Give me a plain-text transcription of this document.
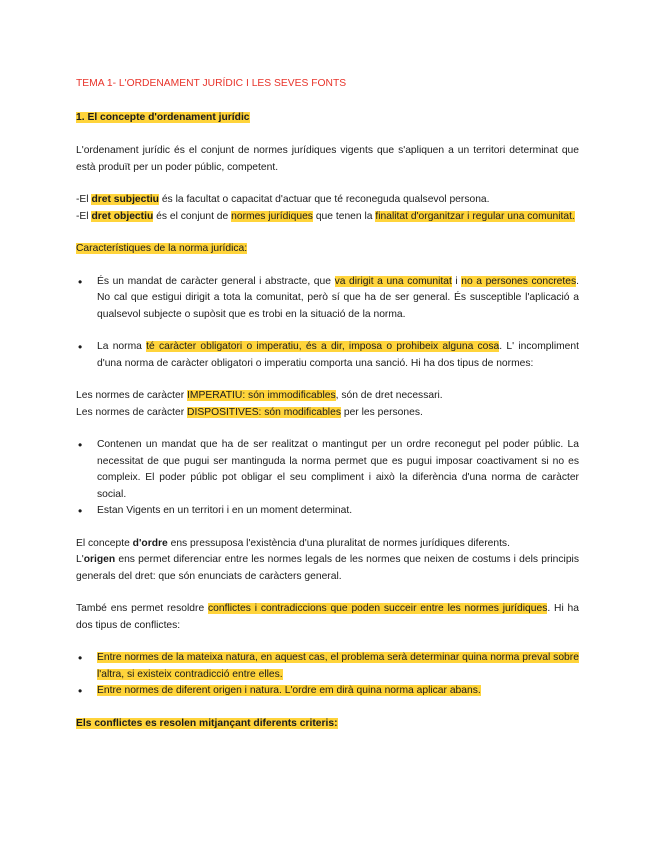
TEMA 1- L'ORDENAMENT JURÍDIC I LES SEVES FONTS

1. El concepte d'ordenament jurídic

L'ordenament jurídic és el conjunt de normes jurídiques vigents que s'apliquen a un territori determinat que està produït per un poder públic, competent.

-El dret subjectiu és la facultat o capacitat d'actuar que té reconeguda qualsevol persona.

-El dret objectiu és el conjunt de normes jurídiques que tenen la finalitat d'organitzar i regular una comunitat.

Característiques de la norma jurídica:

• És un mandat de caràcter general i abstracte, que va dirigit a una comunitat i no a persones concretes. No cal que estigui dirigit a tota la comunitat, però sí que ha de ser general. És susceptible l'aplicació a qualsevol subjecte o supòsit que es trobi en la situació de la norma.
• La norma té caràcter obligatori o imperatiu, és a dir, imposa o prohibeix alguna cosa. L' incompliment d'una norma de caràcter obligatori o imperatiu comporta una sanció. Hi ha dos tipus de normes:

Les normes de caràcter IMPERATIU: són immodificables, són de dret necessari.

Les normes de caràcter DISPOSITIVES: són modificables per les persones.

• Contenen un mandat que ha de ser realitzat o mantingut per un ordre reconegut pel poder públic. La necessitat de que pugui ser mantinguda la norma permet que es pugui imposar coactivament si no es compleix. El poder públic pot obligar el seu compliment i això la diferència d'una norma de caràcter social.
• Estan Vigents en un territori i en un moment determinat.

El concepte d'ordre ens pressuposa l'existència d'una pluralitat de normes jurídiques diferents.

L'origen ens permet diferenciar entre les normes legals de les normes que neixen de costums i dels principis generals del dret: que són enunciats de caràcters general.

També ens permet resoldre conflictes i contradiccions que poden succeir entre les normes jurídiques. Hi ha dos tipus de conflictes:

• Entre normes de la mateixa natura, en aquest cas, el problema serà determinar quina norma preval sobre l'altra, si existeix contradicció entre elles.
• Entre normes de diferent origen i natura. L'ordre em dirà quina norma aplicar abans.

Els conflictes es resolen mitjançant diferents criteris:
